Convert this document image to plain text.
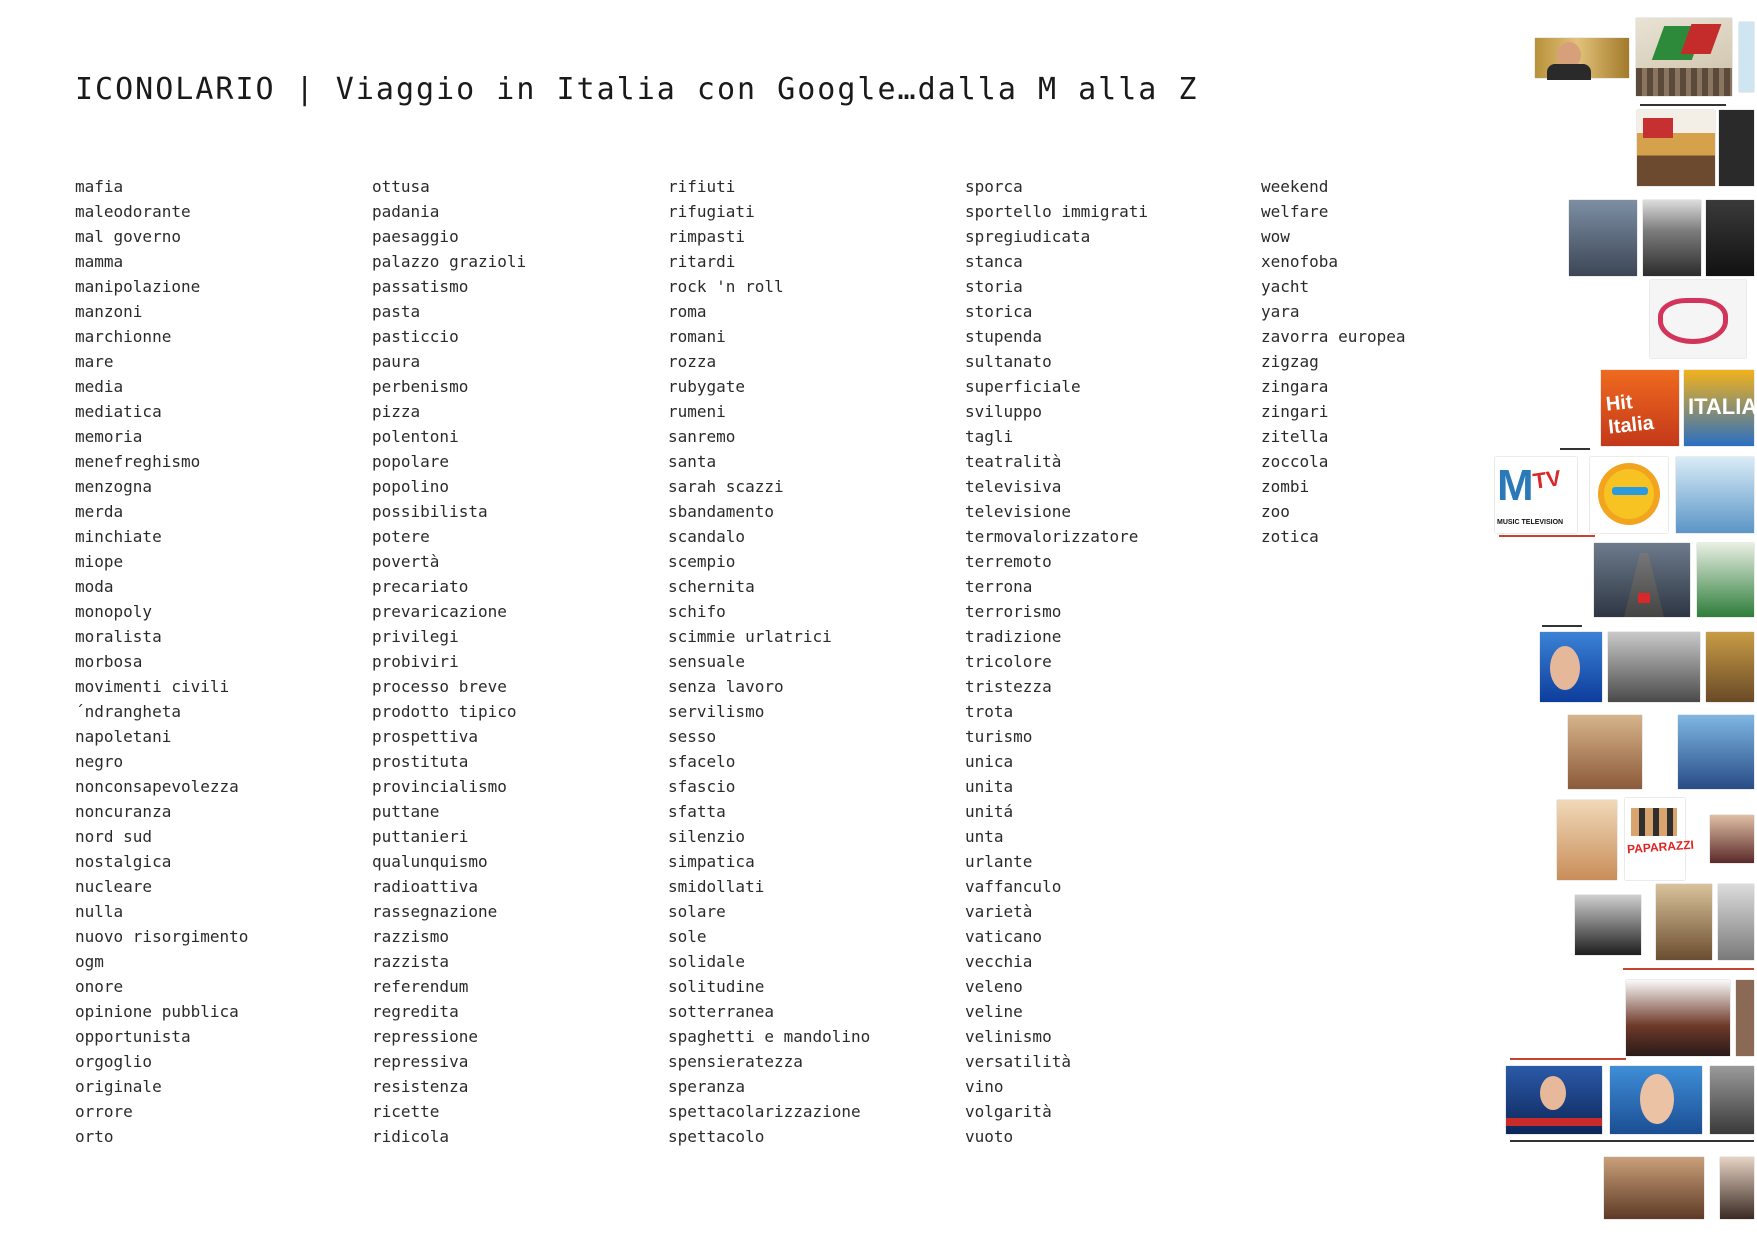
ICONOLARIO | Viaggio in Italia con Google…dalla M alla Z
mafia
maleodorante
mal governo
mamma
manipolazione
manzoni
marchionne
mare
media
mediatica
memoria
menefreghismo
menzogna
merda
minchiate
miope
moda
monopoly
moralista
morbosa
movimenti civili
´ndrangheta
napoletani
negro
nonconsapevolezza
noncuranza
nord sud
nostalgica
nucleare
nulla
nuovo risorgimento
ogm
onore
opinione pubblica
opportunista
orgoglio
originale
orrore
orto
ottusa
padania
paesaggio
palazzo grazioli
passatismo
pasta
pasticcio
paura
perbenismo
pizza
polentoni
popolare
popolino
possibilista
potere
povertà
precariato
prevaricazione
privilegi
probiviri
processo breve
prodotto tipico
prospettiva
prostituta
provincialismo
puttane
puttanieri
qualunquismo
radioattiva
rassegnazione
razzismo
razzista
referendum
regredita
repressione
repressiva
resistenza
ricette
ridicola
rifiuti
rifugiati
rimpasti
ritardi
rock 'n roll
roma
romani
rozza
rubygate
rumeni
sanremo
santa
sarah scazzi
sbandamento
scandalo
scempio
schernita
schifo
scimmie urlatrici
sensuale
senza lavoro
servilismo
sesso
sfacelo
sfascio
sfatta
silenzio
simpatica
smidollati
solare
sole
solidale
solitudine
sotterranea
spaghetti e mandolino
spensieratezza
speranza
spettacolarizzazione
spettacolo
sporca
sportello immigrati
spregiudicata
stanca
storia
storica
stupenda
sultanato
superficiale
sviluppo
tagli
teatralità
televisiva
televisione
termovalorizzatore
terremoto
terrona
terrorismo
tradizione
tricolore
tristezza
trota
turismo
unica
unita
unitá
unta
urlante
vaffanculo
varietà
vaticano
vecchia
veleno
veline
velinismo
versatilità
vino
volgarità
vuoto
weekend
welfare
wow
xenofoba
yacht
yara
zavorra europea
zigzag
zingara
zingari
zitella
zoccola
zombi
zoo
zotica
Hit Italia
ITALIA
M
TV
MUSIC TELEVISION
PAPARAZZI
